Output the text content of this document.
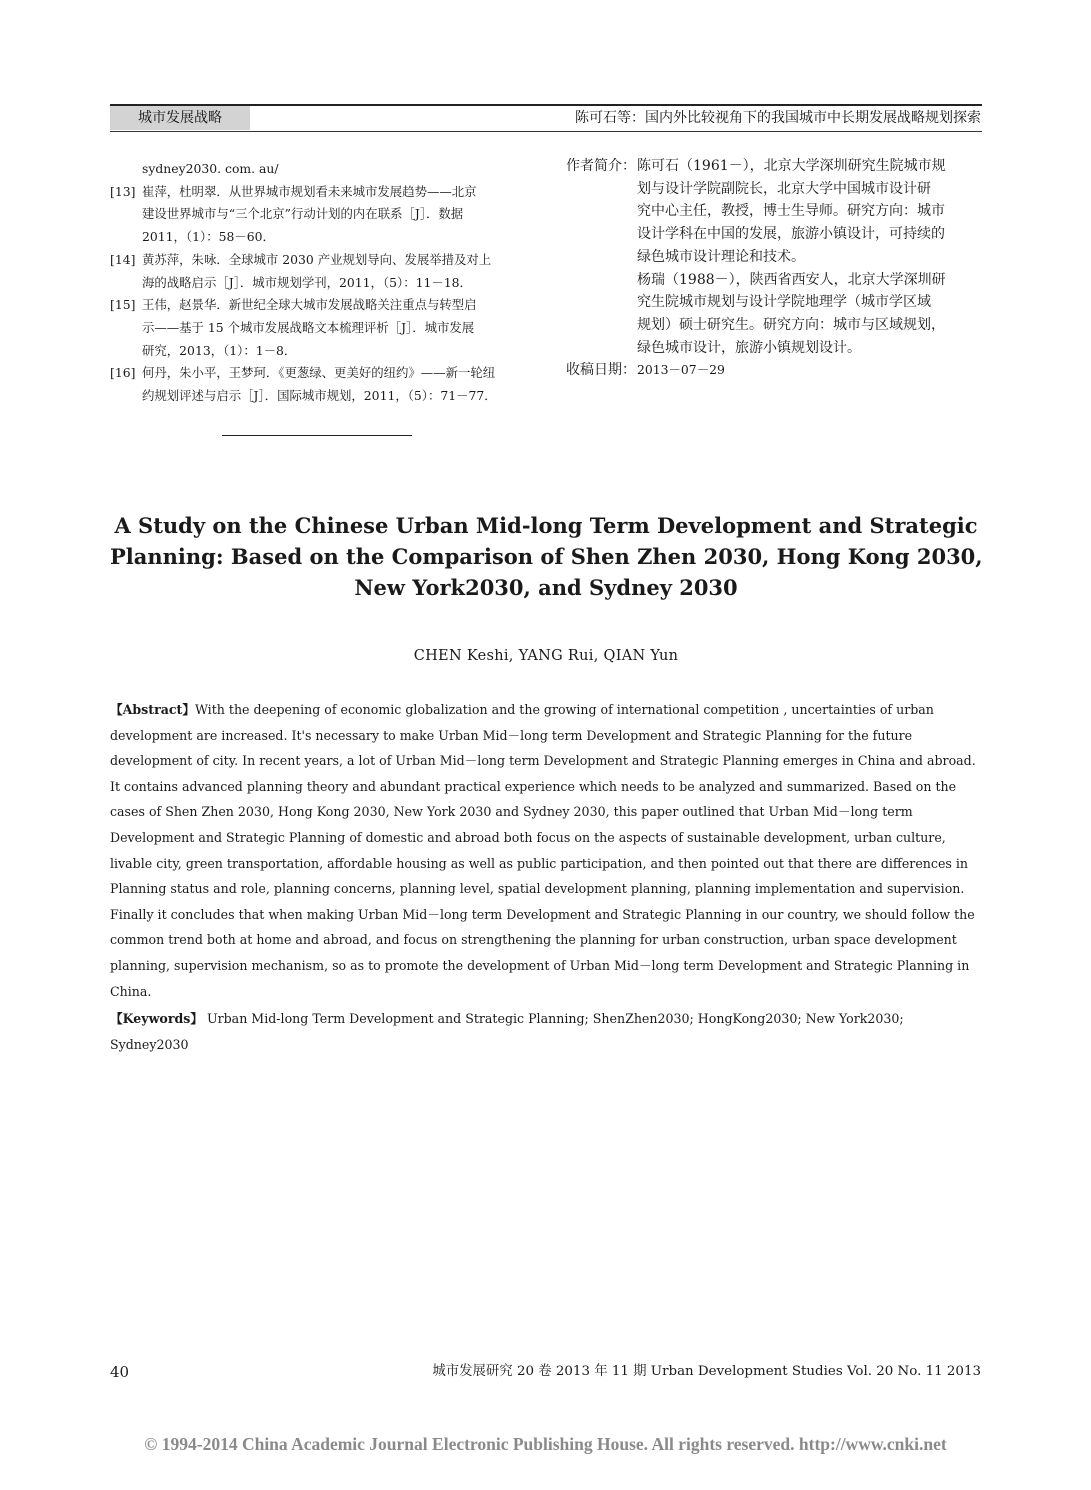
城市发展战略	陈可石等：国内外比较视角下的我国城市中长期发展战略规划探索
sydney2030. com. au/
[13] 崔萍，杜明翠．从世界城市规划看未来城市发展趋势——北京
建设世界城市与“三个北京”行动计划的内在联系［J］．数据
2011，（1）：58－60．
[14] 黄苏萍，朱咏．全球城市 2030 产业规划导向、发展举措及对上
海的战略启示［J］．城市规划学刊，2011，（5）：11－18．
[15] 王伟，赵景华．新世纪全球大城市发展战略关注重点与转型启
示——基于 15 个城市发展战略文本梳理评析［J］．城市发展
研究，2013，（1）：1－8．
[16] 何丹，朱小平，王梦珂．《更葱绿、更美好的纽约》——新一轮纽
约规划评述与启示［J］．国际城市规划，2011，（5）：71－77．
作者简介： 陈可石（1961－），北京大学深圳研究生院城市规
划与设计学院副院长，北京大学中国城市设计研
究中心主任，教授，博士生导师。研究方向：城市
设计学科在中国的发展，旅游小镇设计，可持续的
绿色城市设计理论和技术。
杨瑞（1988－），陕西省西安人，北京大学深圳研
究生院城市规划与设计学院地理学（城市学区域
规划）硕士研究生。研究方向：城市与区域规划，
绿色城市设计，旅游小镇规划设计。
收稿日期： 2013－07－29
A Study on the Chinese Urban Mid-long Term Development and Strategic
Planning: Based on the Comparison of Shen Zhen 2030, Hong Kong 2030,
New York2030, and Sydney 2030
CHEN Keshi, YANG Rui, QIAN Yun
【Abstract】With the deepening of economic globalization and the growing of international competition , uncertainties of urban
development are increased. It's necessary to make Urban Mid－long term Development and Strategic Planning for the future
development of city. In recent years, a lot of Urban Mid－long term Development and Strategic Planning emerges in China and abroad.
It contains advanced planning theory and abundant practical experience which needs to be analyzed and summarized. Based on the
cases of Shen Zhen 2030, Hong Kong 2030, New York 2030 and Sydney 2030, this paper outlined that Urban Mid－long term
Development and Strategic Planning of domestic and abroad both focus on the aspects of sustainable development, urban culture,
livable city, green transportation, affordable housing as well as public participation, and then pointed out that there are differences in
Planning status and role, planning concerns, planning level, spatial development planning, planning implementation and supervision.
Finally it concludes that when making Urban Mid－long term Development and Strategic Planning in our country, we should follow the
common trend both at home and abroad, and focus on strengthening the planning for urban construction, urban space development
planning, supervision mechanism, so as to promote the development of Urban Mid－long term Development and Strategic Planning in
China.
【Keywords】 Urban Mid-long Term Development and Strategic Planning; ShenZhen2030; HongKong2030; New York2030;
Sydney2030
40	城市发展研究 20 卷 2013 年 11 期 Urban Development Studies Vol. 20 No. 11 2013
© 1994-2014 China Academic Journal Electronic Publishing House. All rights reserved. http://www.cnki.net
